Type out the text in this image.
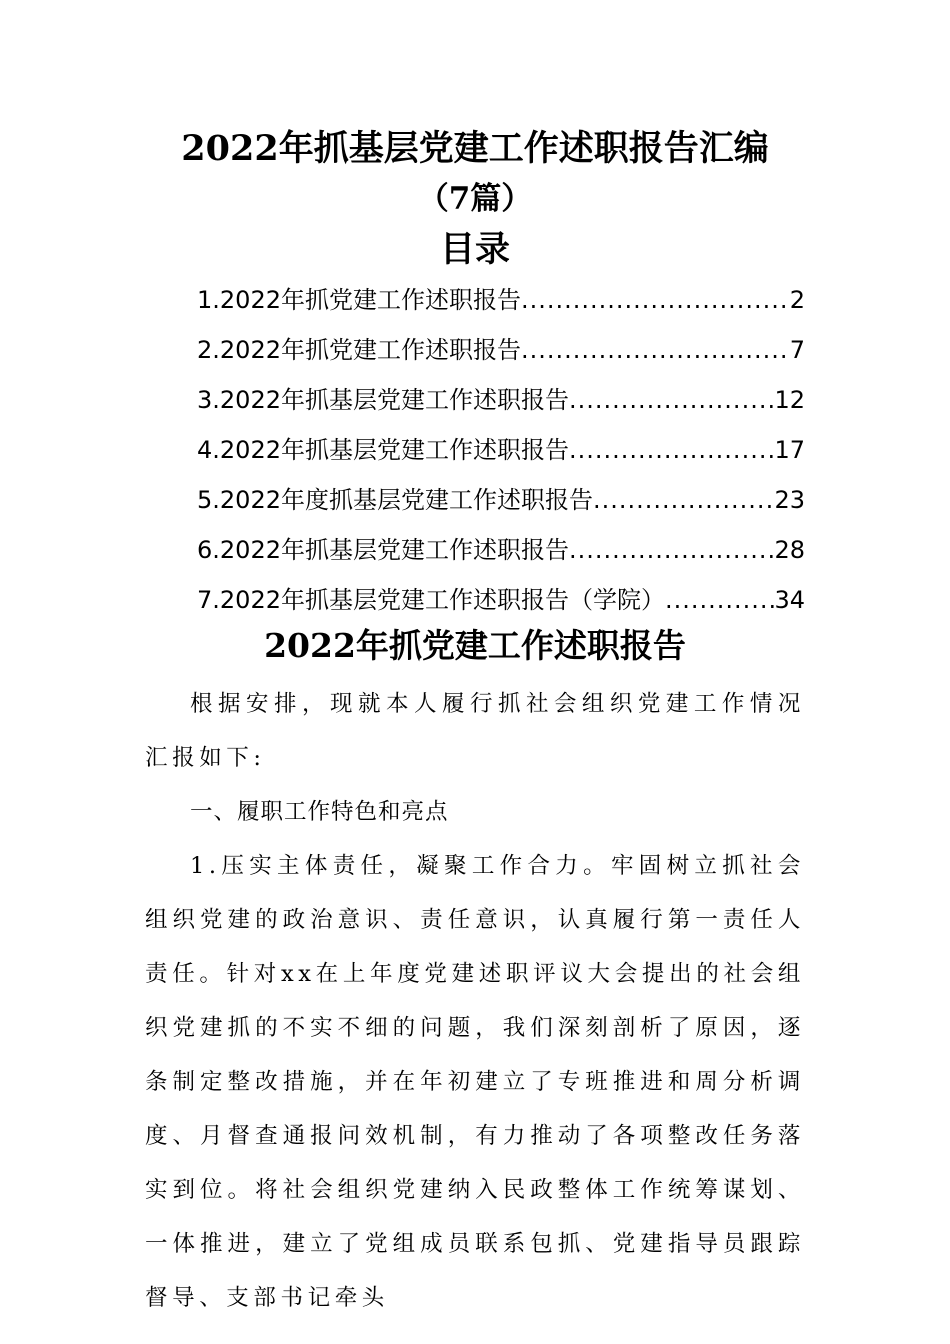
2022年抓基层党建工作述职报告汇编
（7篇）
目录
1.2022年抓党建工作述职报告 .....	2
2.2022年抓党建工作述职报告 .....	7
3.2022年抓基层党建工作述职报告 .....	12
4.2022年抓基层党建工作述职报告 .....	17
5.2022年度抓基层党建工作述职报告 .....	23
6.2022年抓基层党建工作述职报告 .....	28
7.2022年抓基层党建工作述职报告（学院） .....	34
2022年抓党建工作述职报告

根据安排，现就本人履行抓社会组织党建工作情况汇报如下:

一、履职工作特色和亮点

1.压实主体责任，凝聚工作合力。牢固树立抓社会组织党建的政治意识、责任意识，认真履行第一责任人责任。针对xx在上年度党建述职评议大会提出的社会组织党建抓的不实不细的问题，我们深刻剖析了原因，逐条制定整改措施，并在年初建立了专班推进和周分析调度、月督查通报问效机制，有力推动了各项整改任务落实到位。将社会组织党建纳入民政整体工作统筹谋划、一体推进，建立了党组成员联系包抓、党建指导员跟踪督导、支部书记牵头
